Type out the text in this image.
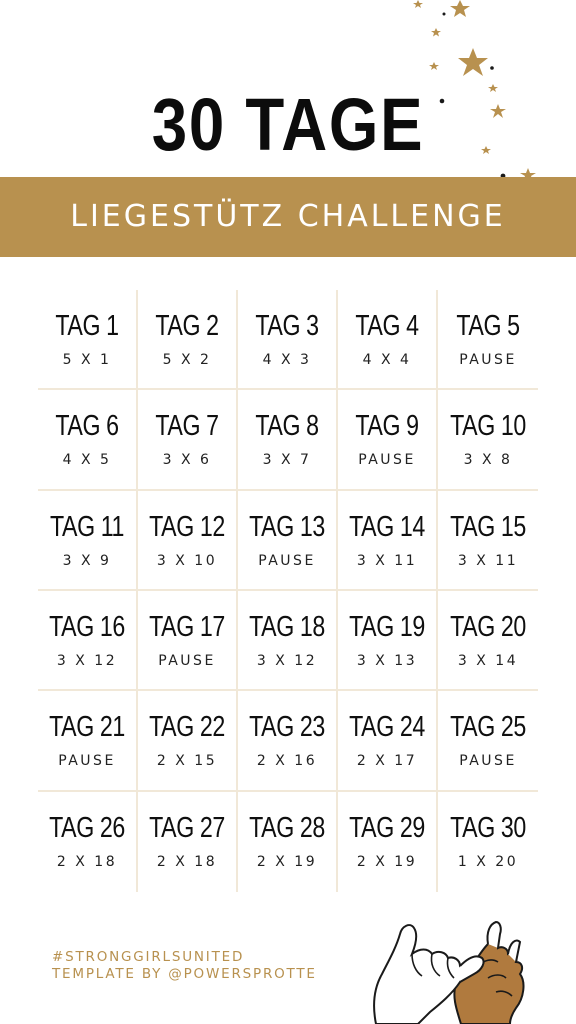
30 TAGE
LIEGESTÜTZ CHALLENGE
TAG 1
5 X 1
TAG 2
5 X 2
TAG 3
4 X 3
TAG 4
4 X 4
TAG 5
PAUSE
TAG 6
4 X 5
TAG 7
3 X 6
TAG 8
3 X 7
TAG 9
PAUSE
TAG 10
3 X 8
TAG 11
3 X 9
TAG 12
3 X 10
TAG 13
PAUSE
TAG 14
3 X 11
TAG 15
3 X 11
TAG 16
3 X 12
TAG 17
PAUSE
TAG 18
3 X 12
TAG 19
3 X 13
TAG 20
3 X 14
TAG 21
PAUSE
TAG 22
2 X 15
TAG 23
2 X 16
TAG 24
2 X 17
TAG 25
PAUSE
TAG 26
2 X 18
TAG 27
2 X 18
TAG 28
2 X 19
TAG 29
2 X 19
TAG 30
1 X 20
#STRONGGIRLSUNITED
TEMPLATE BY @POWERSPROTTE
